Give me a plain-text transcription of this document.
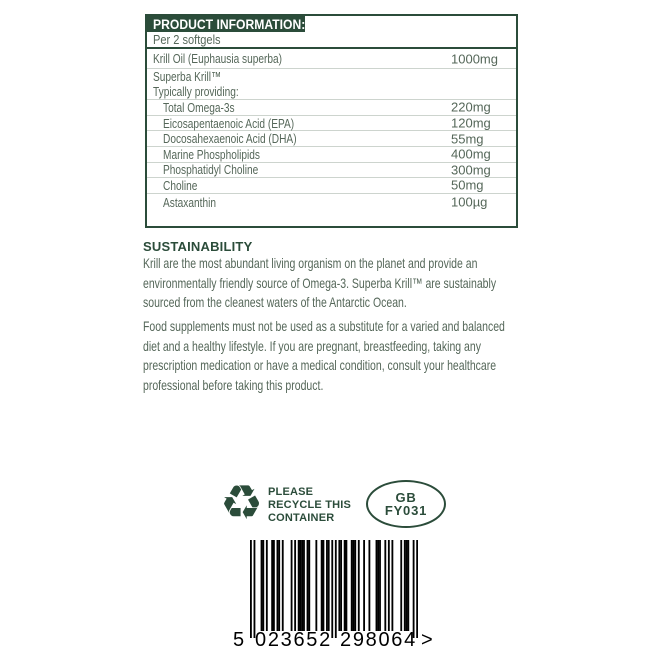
PRODUCT INFORMATION:
Per 2 softgels
Krill Oil (Euphausia superba)	1000mg
Superba Krill™
Typically providing:
Total Omega-3s	220mg
Eicosapentaenoic Acid (EPA)	120mg
Docosahexaenoic Acid (DHA)	55mg
Marine Phospholipids	400mg
Phosphatidyl Choline	300mg
Choline	50mg
Astaxanthin	100µg
SUSTAINABILITY

Krill are the most abundant living organism on the planet and provide an environmentally friendly source of Omega-3. Superba Krill™ are sustainably sourced from the cleanest waters of the Antarctic Ocean.

Food supplements must not be used as a substitute for a varied and balanced diet and a healthy lifestyle. If you are pregnant, breastfeeding, taking any prescription medication or have a medical condition, consult your healthcare professional before taking this product.

♻ PLEASE
RECYCLE THIS
CONTAINER
GB
FY031
5 023652 298064 >
